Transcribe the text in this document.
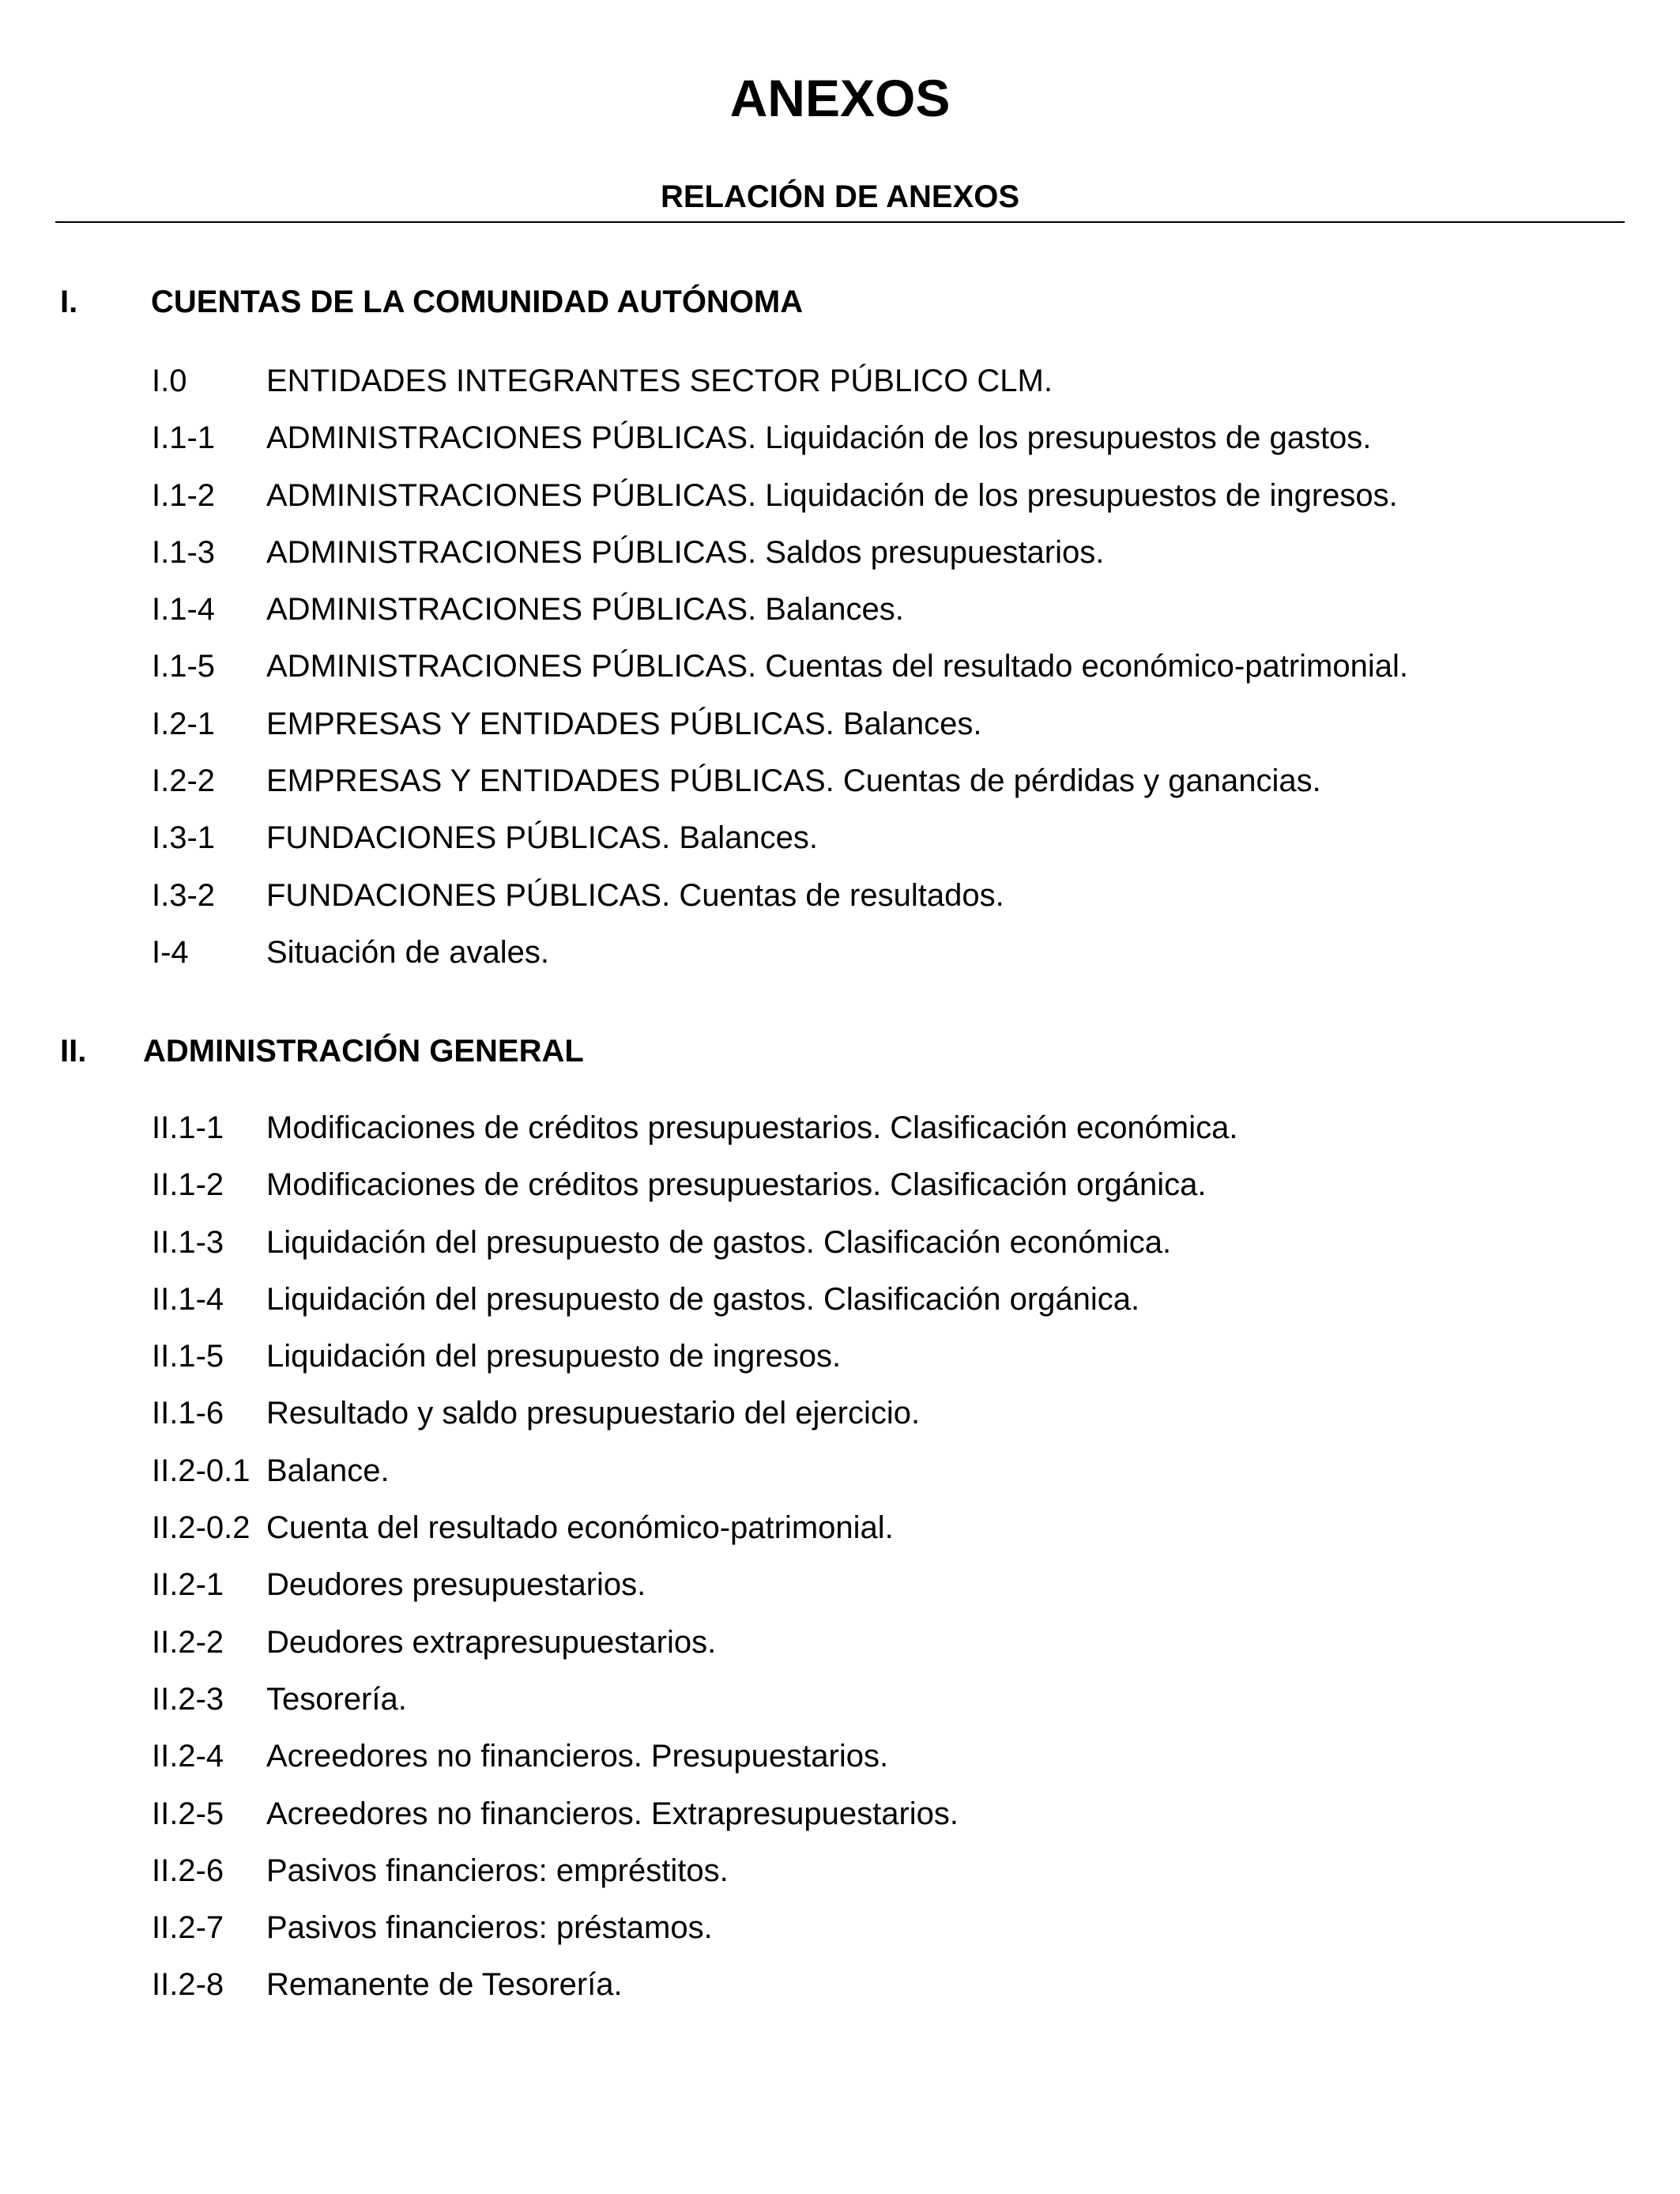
ANEXOS
RELACIÓN DE ANEXOS
I. CUENTAS DE LA COMUNIDAD AUTÓNOMA
I.0	ENTIDADES INTEGRANTES SECTOR PÚBLICO CLM.
I.1-1 ADMINISTRACIONES PÚBLICAS. Liquidación de los presupuestos de gastos.
I.1-2 ADMINISTRACIONES PÚBLICAS. Liquidación de los presupuestos de ingresos.
I.1-3 ADMINISTRACIONES PÚBLICAS. Saldos presupuestarios.
I.1-4 ADMINISTRACIONES PÚBLICAS. Balances.
I.1-5 ADMINISTRACIONES PÚBLICAS. Cuentas del resultado económico-patrimonial.
I.2-1 EMPRESAS Y ENTIDADES PÚBLICAS. Balances.
I.2-2 EMPRESAS Y ENTIDADES PÚBLICAS. Cuentas de pérdidas y ganancias.
I.3-1 FUNDACIONES PÚBLICAS. Balances.
I.3-2 FUNDACIONES PÚBLICAS. Cuentas de resultados.
I-4 Situación de avales.
II. ADMINISTRACIÓN GENERAL
II.1-1 Modificaciones de créditos presupuestarios. Clasificación económica.
II.1-2 Modificaciones de créditos presupuestarios. Clasificación orgánica.
II.1-3 Liquidación del presupuesto de gastos. Clasificación económica.
II.1-4 Liquidación del presupuesto de gastos. Clasificación orgánica.
II.1-5 Liquidación del presupuesto de ingresos.
II.1-6 Resultado y saldo presupuestario del ejercicio.
II.2-0.1 Balance.
II.2-0.2 Cuenta del resultado económico-patrimonial.
II.2-1 Deudores presupuestarios.
II.2-2 Deudores extrapresupuestarios.
II.2-3 Tesorería.
II.2-4 Acreedores no financieros. Presupuestarios.
II.2-5 Acreedores no financieros. Extrapresupuestarios.
II.2-6 Pasivos financieros: empréstitos.
II.2-7 Pasivos financieros: préstamos.
II.2-8 Remanente de Tesorería.
